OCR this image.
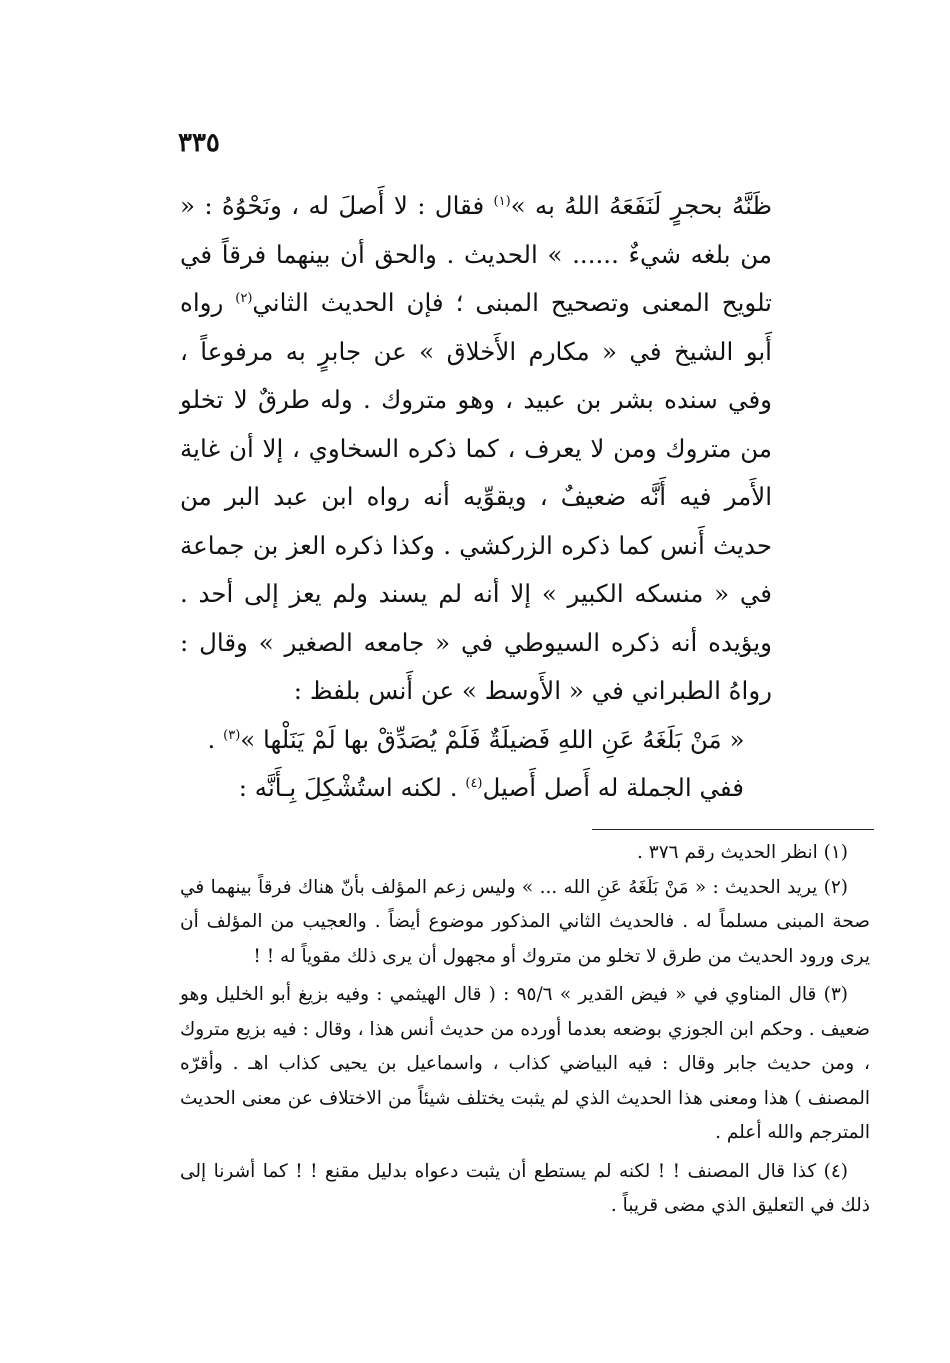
٣٣٥

ظَنَّهُ بحجرٍ لَنَفَعَهُ اللهُ به »$^{(١)}$ فقال : لا أَصلَ له ، ونَحْوُهُ : « من بلغه شيءٌ ...... » الحديث . والحق أن بينهما فرقاً في تلويح المعنى وتصحيح المبنى ؛ فإن الحديث الثاني$^{(٢)}$ رواه أَبو الشيخ في « مكارم الأَخلاق » عن جابرٍ به مرفوعاً ، وفي سنده بشر بن عبيد ، وهو متروك . وله طرقٌ لا تخلو من متروك ومن لا يعرف ، كما ذكره السخاوي ، إلا أن غاية الأَمر فيه أَنَّه ضعيفٌ ، ويقوِّيه أنه رواه ابن عبد البر من حديث أَنس كما ذكره الزركشي . وكذا ذكره العز بن جماعة في « منسكه الكبير » إلا أنه لم يسند ولم يعز إلى أحد . ويؤيده أنه ذكره السيوطي في « جامعه الصغير » وقال : رواهُ الطبراني في « الأَوسط » عن أَنس بلفظ :

« مَنْ بَلَغَهُ عَنِ اللهِ فَضيلَةٌ فَلَمْ يُصَدِّقْ بها لَمْ يَنَلْها »$^{(٣)}$ .

ففي الجملة له أَصل أَصيل$^{(٤)}$ . لكنه استُشْكِلَ بِـأَنَّه :

(١) انظر الحديث رقم ٣٧٦ .

(٢) يريد الحديث : « مَنْ بَلَغَهُ عَنِ الله ... » وليس زعم المؤلف بأنّ هناك فرقاً بينهما في صحة المبنى مسلماً له . فالحديث الثاني المذكور موضوع أيضاً . والعجيب من المؤلف أن يرى ورود الحديث من طرق لا تخلو من متروك أو مجهول أن يرى ذلك مقوياً له ! !

(٣) قال المناوي في « فيض القدير » ٩٥/٦ : ( قال الهيثمي : وفيه بزيغ أبو الخليل وهو ضعيف . وحكم ابن الجوزي بوضعه بعدما أورده من حديث أنس هذا ، وقال : فيه بزيع متروك ، ومن حديث جابر وقال : فيه البياضي كذاب ، واسماعيل بن يحيى كذاب اهـ . وأقرّه المصنف ) هذا ومعنى هذا الحديث الذي لم يثبت يختلف شيئاً من الاختلاف عن معنى الحديث المترجم والله أعلم .

(٤) كذا قال المصنف ! ! لكنه لم يستطع أن يثبت دعواه بدليل مقنع ! ! كما أشرنا إلى ذلك في التعليق الذي مضى قريباً .
